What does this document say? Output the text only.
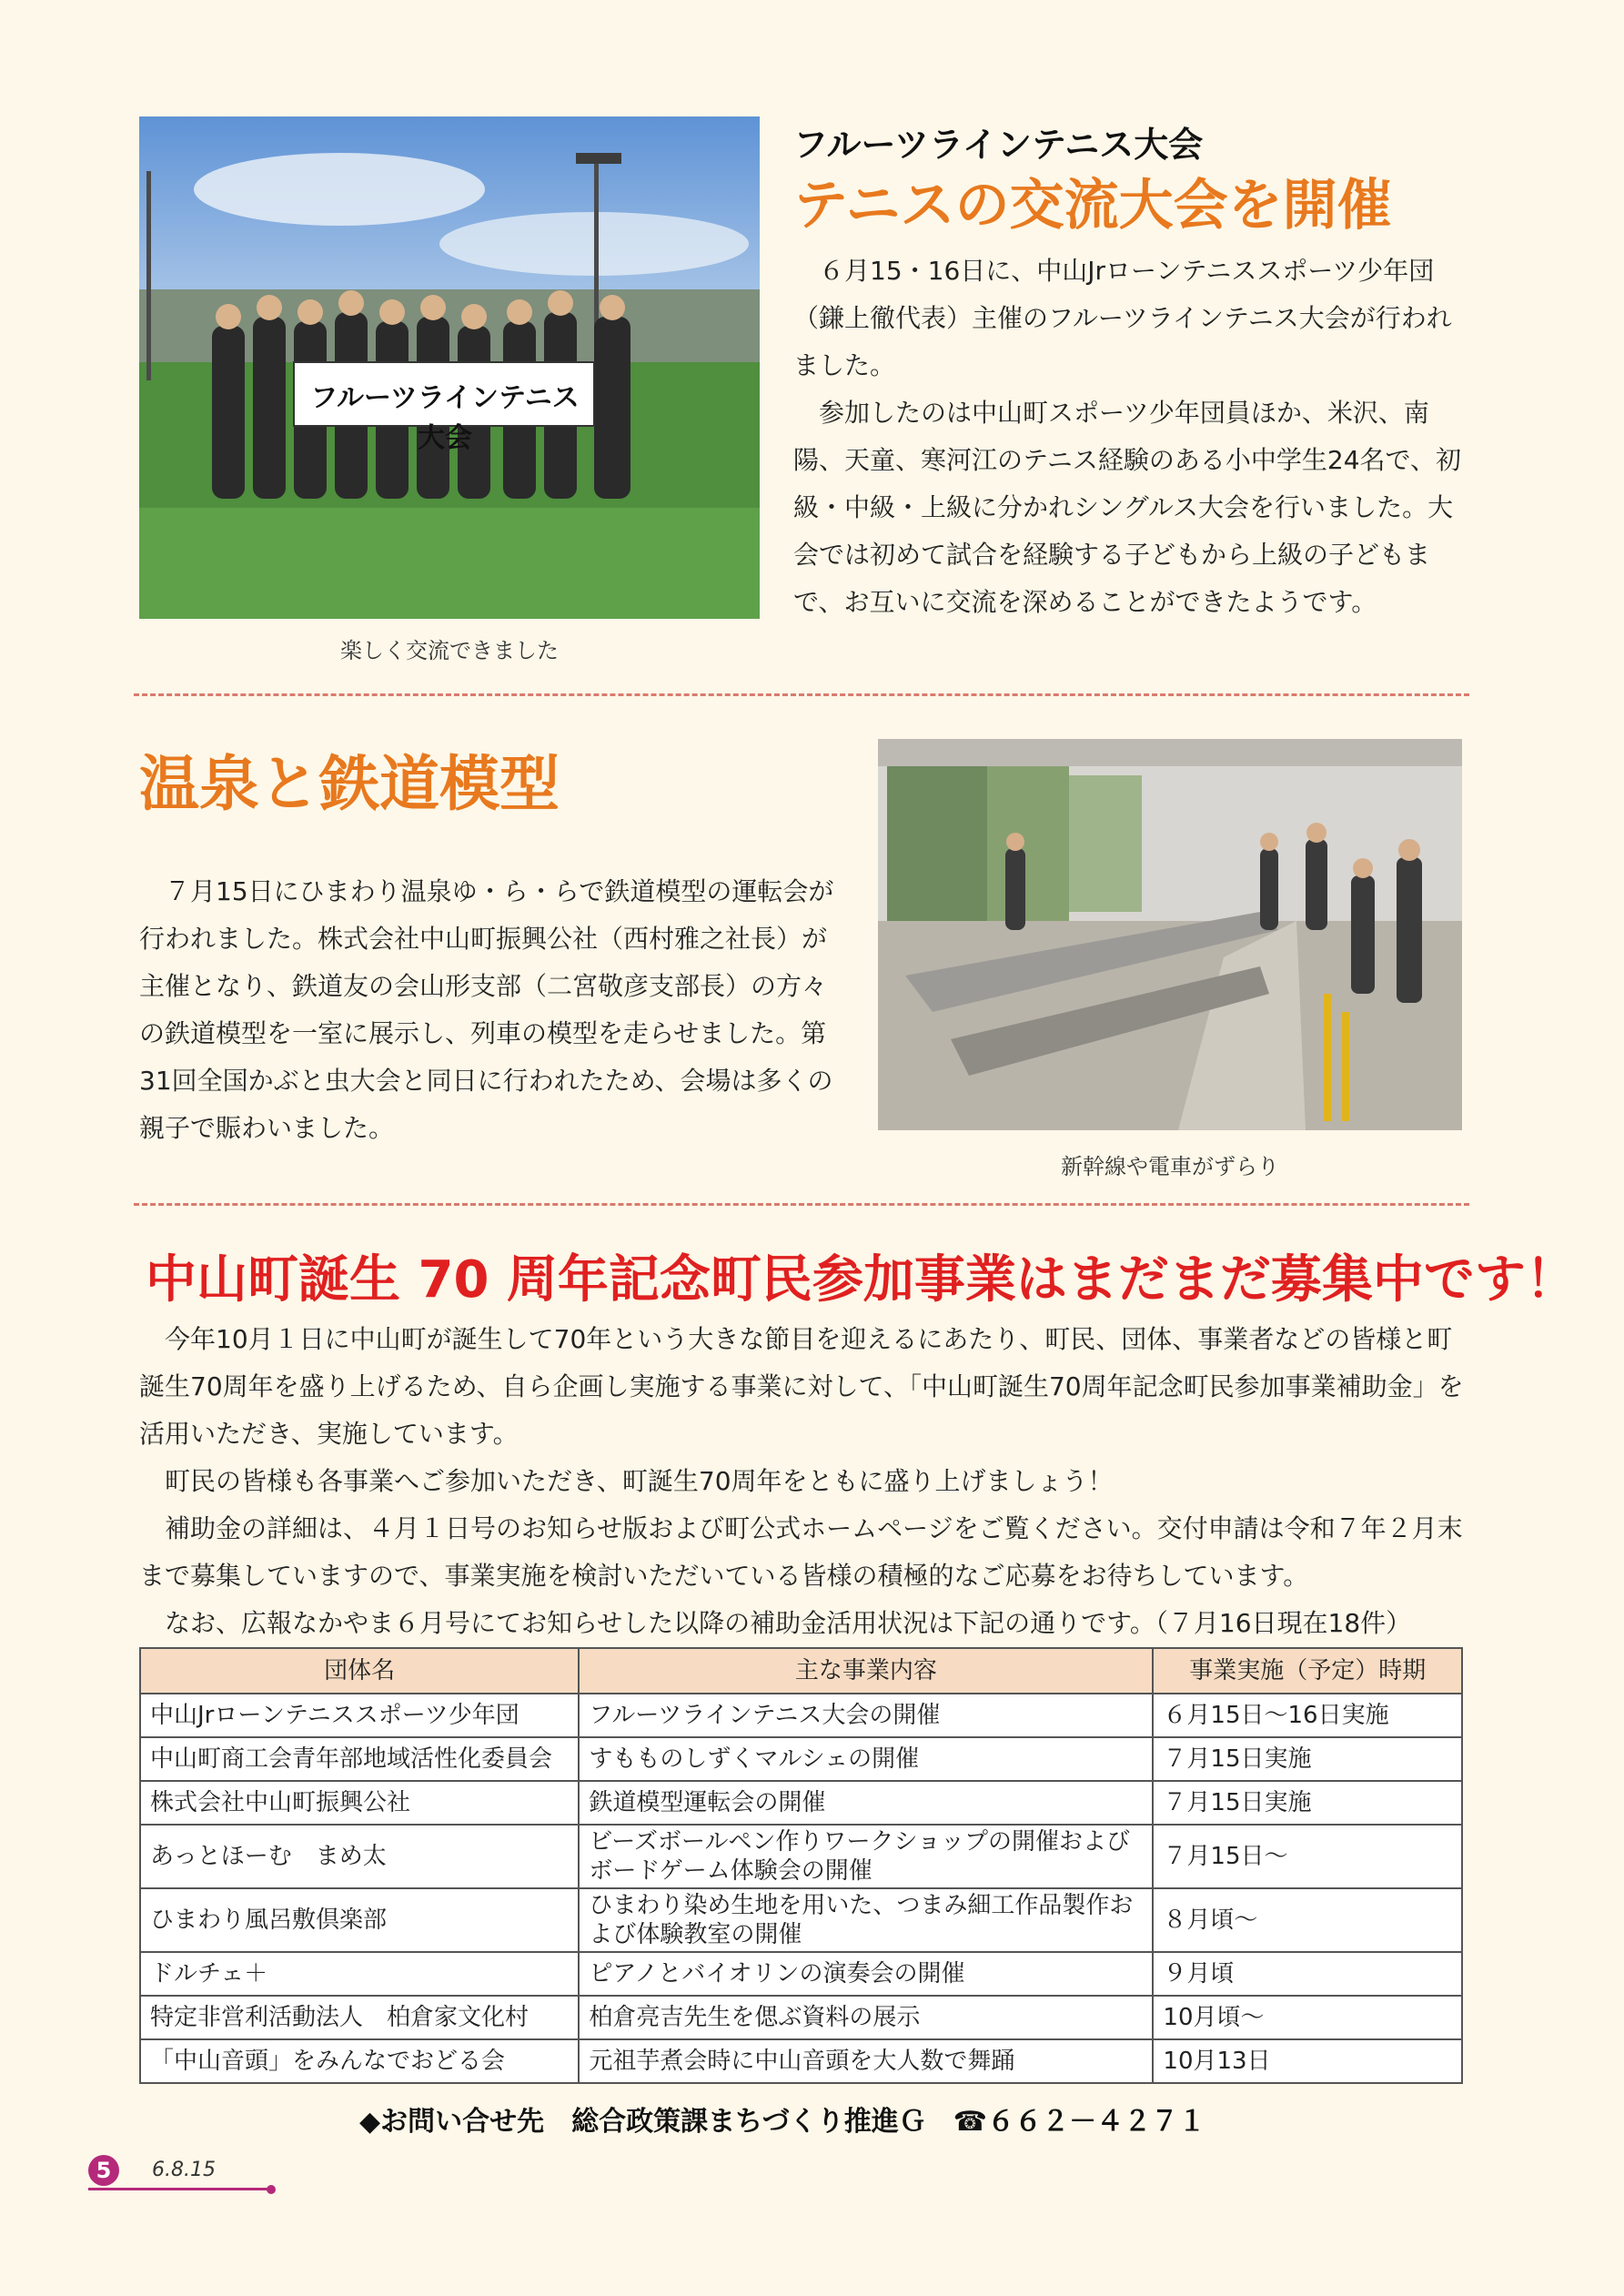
フルーツラインテニス大会
楽しく交流できました
フルーツラインテニス大会
テニスの交流大会を開催

６月15・16日に、中山Jrローンテニススポーツ少年団（鎌上徹代表）主催のフルーツラインテニス大会が行われました。

参加したのは中山町スポーツ少年団員ほか、米沢、南陽、天童、寒河江のテニス経験のある小中学生24名で、初級・中級・上級に分かれシングルス大会を行いました。大会では初めて試合を経験する子どもから上級の子どもまで、お互いに交流を深めることができたようです。

温泉と鉄道模型

７月15日にひまわり温泉ゆ・ら・らで鉄道模型の運転会が行われました。株式会社中山町振興公社（西村雅之社長）が主催となり、鉄道友の会山形支部（二宮敬彦支部長）の方々の鉄道模型を一室に展示し、列車の模型を走らせました。第31回全国かぶと虫大会と同日に行われたため、会場は多くの親子で賑わいました。

新幹線や電車がずらり
中山町誕生 70 周年記念町民参加事業はまだまだ募集中です！

今年10月１日に中山町が誕生して70年という大きな節目を迎えるにあたり、町民、団体、事業者などの皆様と町誕生70周年を盛り上げるため、自ら企画し実施する事業に対して、「中山町誕生70周年記念町民参加事業補助金」を活用いただき、実施しています。

町民の皆様も各事業へご参加いただき、町誕生70周年をともに盛り上げましょう！

補助金の詳細は、４月１日号のお知らせ版および町公式ホームページをご覧ください。交付申請は令和７年２月末まで募集していますので、事業実施を検討いただいている皆様の積極的なご応募をお待ちしています。

なお、広報なかやま６月号にてお知らせした以降の補助金活用状況は下記の通りです。（７月16日現在18件）

団体名	主な事業内容	事業実施（予定）時期
中山Jrローンテニススポーツ少年団	フルーツラインテニス大会の開催	６月15日～16日実施
中山町商工会青年部地域活性化委員会	すもものしずくマルシェの開催	７月15日実施
株式会社中山町振興公社	鉄道模型運転会の開催	７月15日実施
あっとほーむ　まめ太	ビーズボールペン作りワークショップの開催およびボードゲーム体験会の開催	７月15日～
ひまわり風呂敷倶楽部	ひまわり染め生地を用いた、つまみ細工作品製作および体験教室の開催	８月頃～
ドルチェ＋	ピアノとバイオリンの演奏会の開催	９月頃
特定非営利活動法人　柏倉家文化村	柏倉亮吉先生を偲ぶ資料の展示	10月頃～
「中山音頭」をみんなでおどる会	元祖芋煮会時に中山音頭を大人数で舞踊	10月13日
◆お問い合せ先　総合政策課まちづくり推進Ｇ　☎６６２－４２７１
5	6.8.15
